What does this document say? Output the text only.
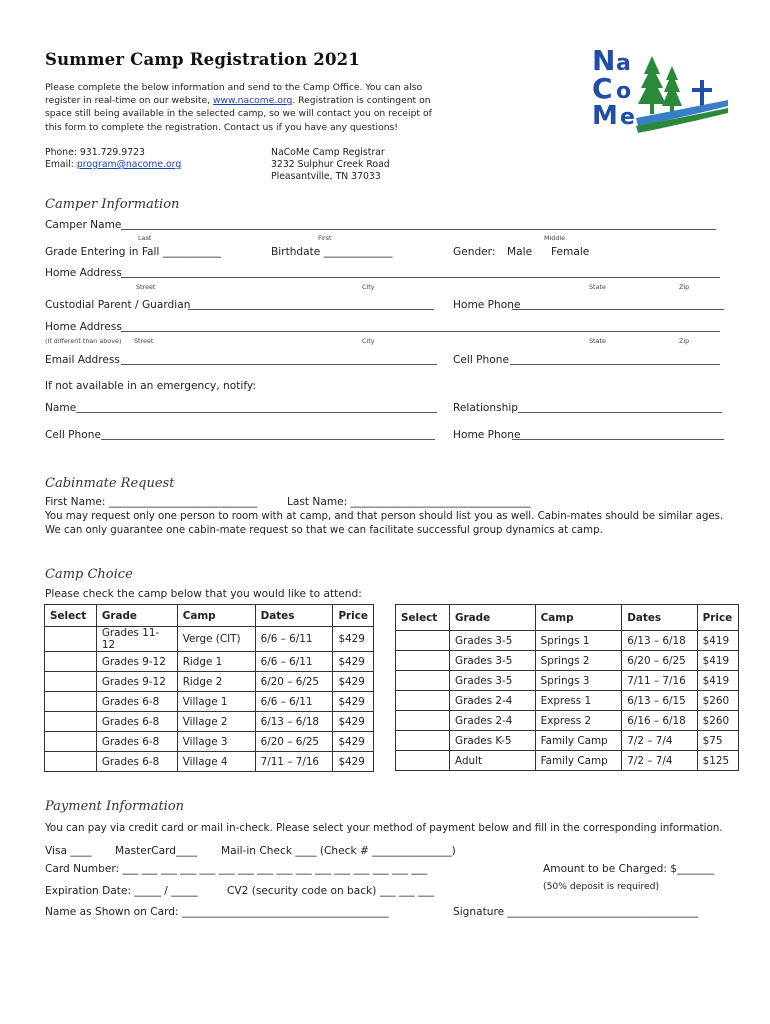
Summer Camp Registration 2021
Please complete the below information and send to the Camp Office. You can also
register in real-time on our website, www.nacome.org. Registration is contingent on
space still being available in the selected camp, so we will contact you on receipt of
this form to complete the registration. Contact us if you have any questions!
Phone: 931.729.9723
Email: program@nacome.org
NaCoMe Camp Registrar
3232 Sulphur Creek Road
Pleasantville, TN 37033
N a
C o
M e
Camper Information
Camper Name
Last	First	Middle
Grade Entering in Fall ___________	Birthdate _____________	Gender: Male Female
Home Address
Street	City	State	Zip
Custodial Parent / Guardian	Home Phone
Home Address
(If different than above) Street	City	State	Zip
Email Address	Cell Phone
If not available in an emergency, notify:
Name	Relationship
Cell Phone	Home Phone
Cabinmate Request
First Name: ____________________________	Last Name: __________________________________
You may request only one person to room with at camp, and that person should list you as well. Cabin-mates should be similar ages.
We can only guarantee one cabin-mate request so that we can facilitate successful group dynamics at camp.
Camp Choice
Please check the camp below that you would like to attend:
Select	Grade	Camp	Dates	Price
	Grades 11-12	Verge (CIT)	6/6 – 6/11	$429
	Grades 9-12	Ridge 1	6/6 – 6/11	$429
	Grades 9-12	Ridge 2	6/20 – 6/25	$429
	Grades 6-8	Village 1	6/6 – 6/11	$429
	Grades 6-8	Village 2	6/13 – 6/18	$429
	Grades 6-8	Village 3	6/20 – 6/25	$429
	Grades 6-8	Village 4	7/11 – 7/16	$429
Select	Grade	Camp	Dates	Price
	Grades 3-5	Springs 1	6/13 – 6/18	$419
	Grades 3-5	Springs 2	6/20 – 6/25	$419
	Grades 3-5	Springs 3	7/11 – 7/16	$419
	Grades 2-4	Express 1	6/13 – 6/15	$260
	Grades 2-4	Express 2	6/16 – 6/18	$260
	Grades K-5	Family Camp	7/2 – 7/4	$75
	Adult	Family Camp	7/2 – 7/4	$125
Payment Information
You can pay via credit card or mail in-check. Please select your method of payment below and fill in the corresponding information.
Visa ____ MasterCard____ Mail-in Check ____ (Check # _______________)
Card Number: ___ ___ ___ ___ ___ ___ ___ ___ ___ ___ ___ ___ ___ ___ ___ ___	Amount to be Charged: $_______
(50% deposit is required)
Expiration Date: _____ / _____	CV2 (security code on back) ___ ___ ___
Name as Shown on Card: _______________________________________	Signature ____________________________________
